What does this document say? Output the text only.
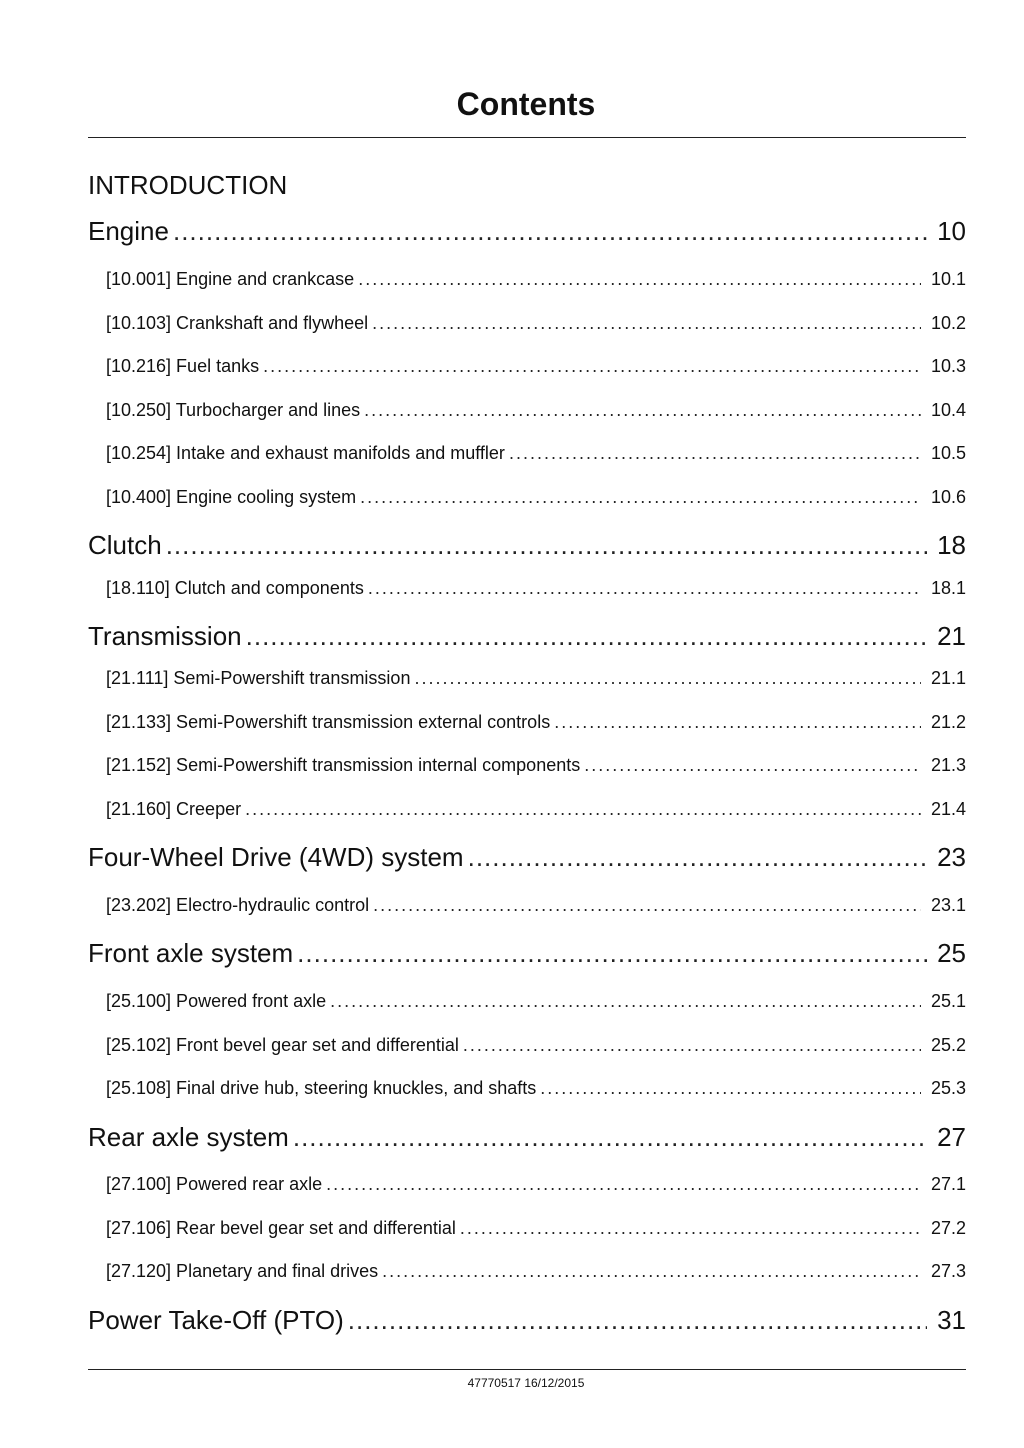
Contents
INTRODUCTION
Engine .....	10
[10.001] Engine and crankcase .....	10.1
[10.103] Crankshaft and flywheel .....	10.2
[10.216] Fuel tanks .....	10.3
[10.250] Turbocharger and lines .....	10.4
[10.254] Intake and exhaust manifolds and muffler .....	10.5
[10.400] Engine cooling system .....	10.6
Clutch .....	18
[18.110] Clutch and components .....	18.1
Transmission .....	21
[21.111] Semi-Powershift transmission .....	21.1
[21.133] Semi-Powershift transmission external controls .....	21.2
[21.152] Semi-Powershift transmission internal components .....	21.3
[21.160] Creeper .....	21.4
Four-Wheel Drive (4WD) system .....	23
[23.202] Electro-hydraulic control .....	23.1
Front axle system .....	25
[25.100] Powered front axle .....	25.1
[25.102] Front bevel gear set and differential .....	25.2
[25.108] Final drive hub, steering knuckles, and shafts .....	25.3
Rear axle system .....	27
[27.100] Powered rear axle .....	27.1
[27.106] Rear bevel gear set and differential .....	27.2
[27.120] Planetary and final drives .....	27.3
Power Take-Off (PTO) .....	31
47770517 16/12/2015
